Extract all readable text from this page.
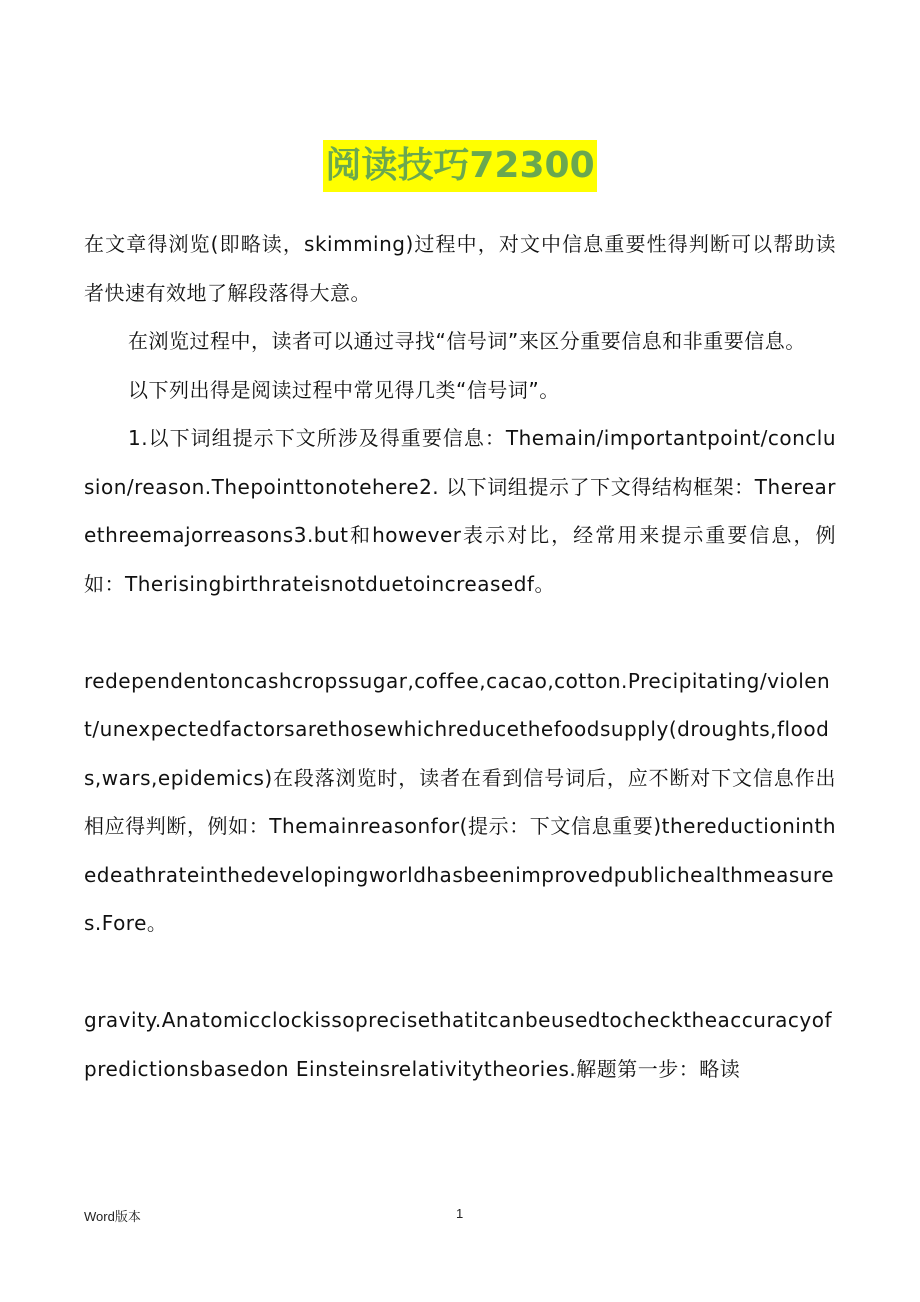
阅读技巧72300

在文章得浏览(即略读，skimming)过程中，对文中信息重要性得判断可以帮助读者快速有效地了解段落得大意。

在浏览过程中，读者可以通过寻找“信号词”来区分重要信息和非重要信息。

以下列出得是阅读过程中常见得几类“信号词”。

1.以下词组提示下文所涉及得重要信息：Themain/importantpoint/conclusion/reason.Thepointtonotehere2. 以下词组提示了下文得结构框架：Therearethreemajorreasons3.but和however表示对比，经常用来提示重要信息，例如：Therisingbirthrateisnotduetoincreasedf。

redependentoncashcropssugar,coffee,cacao,cotton.Precipitating/violent/unexpectedfactorsarethosewhichreducethefoodsupply(droughts,floods,wars,epidemics)在段落浏览时，读者在看到信号词后，应不断对下文信息作出相应得判断，例如：Themainreasonfor(提示：下文信息重要)thereductioninthedeathrateinthedevelopingworldhasbeenimprovedpublichealthmeasures.Fore。

gravity.Anatomicclockissoprecisethatitcanbeusedtochecktheaccuracyofpredictionsbasedon Einsteinsrelativitytheories.解题第一步：略读

Word版本	1
